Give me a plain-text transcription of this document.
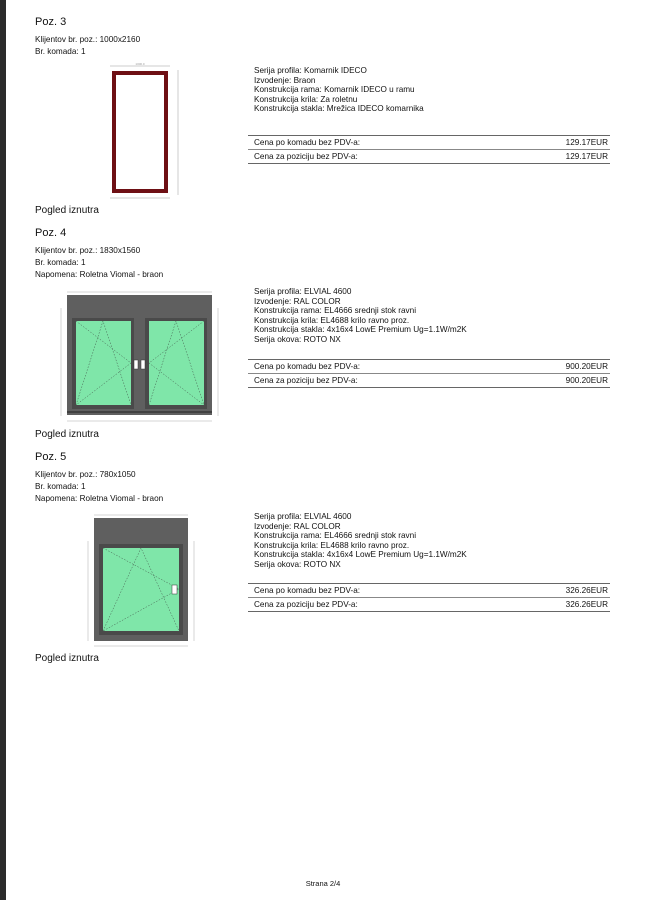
Poz. 3
Klijentov br. poz.: 1000x2160
Br. komada: 1
1000.0
Serija profila: Komarnik IDECO
Izvodenje: Braon
Konstrukcija rama: Komarnik IDECO u ramu
Konstrukcija krila: Za roletnu
Konstrukcija stakla: Mrežica IDECO komarnika
Cena po komadu bez PDV-a:	129.17EUR
Cena za poziciju bez PDV-a:	129.17EUR
Pogled iznutra
Poz. 4
Klijentov br. poz.: 1830x1560
Br. komada: 1
Napomena: Roletna Viomal - braon
Serija profila: ELVIAL 4600
Izvodenje: RAL COLOR
Konstrukcija rama: EL4666 srednji stok ravni
Konstrukcija krila: EL4688 krilo ravno proz.
Konstrukcija stakla: 4x16x4 LowE Premium Ug=1.1W/m2K
Serija okova: ROTO NX
Cena po komadu bez PDV-a:	900.20EUR
Cena za poziciju bez PDV-a:	900.20EUR
Pogled iznutra
Poz. 5
Klijentov br. poz.: 780x1050
Br. komada: 1
Napomena: Roletna Viomal - braon
Serija profila: ELVIAL 4600
Izvodenje: RAL COLOR
Konstrukcija rama: EL4666 srednji stok ravni
Konstrukcija krila: EL4688 krilo ravno proz.
Konstrukcija stakla: 4x16x4 LowE Premium Ug=1.1W/m2K
Serija okova: ROTO NX
Cena po komadu bez PDV-a:	326.26EUR
Cena za poziciju bez PDV-a:	326.26EUR
Pogled iznutra
Strana 2/4
